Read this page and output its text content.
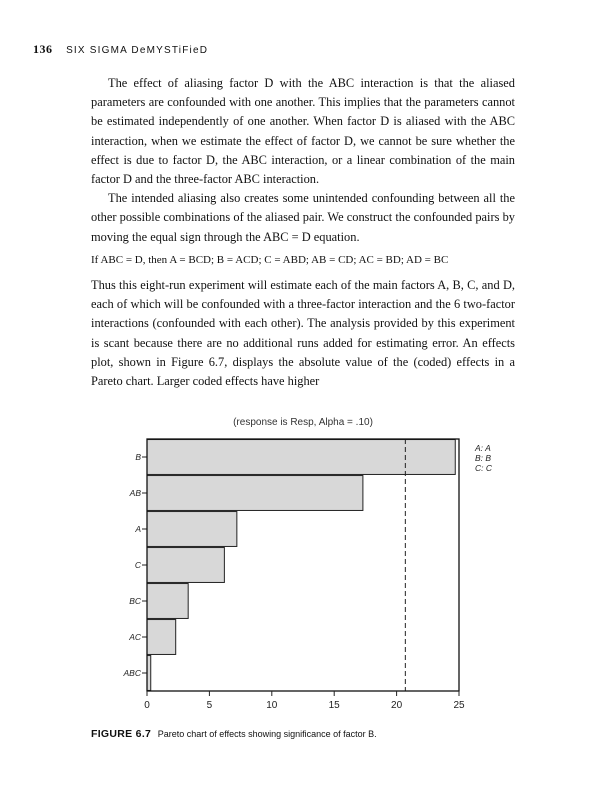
136 SIX SIGMA DeMYSTiFieD

The effect of aliasing factor D with the ABC interaction is that the aliased parameters are confounded with one another. This implies that the parameters cannot be estimated independently of one another. When factor D is aliased with the ABC interaction, when we estimate the effect of factor D, we cannot be sure whether the effect is due to factor D, the ABC interaction, or a linear combination of the main factor D and the three-factor ABC interaction.

The intended aliasing also creates some unintended confounding between all the other possible combinations of the aliased pair. We construct the confounded pairs by moving the equal sign through the ABC = D equation.

If ABC = D, then A = BCD; B = ACD; C = ABD; AB = CD; AC = BD; AD = BC

Thus this eight-run experiment will estimate each of the main factors A, B, C, and D, each of which will be confounded with a three-factor interaction and the 6 two-factor interactions (confounded with each other). The analysis provided by this experiment is scant because there are no additional runs added for estimating error. An effects plot, shown in Figure 6.7, displays the absolute value of the (coded) effects in a Pareto chart. Larger coded effects have higher

(response is Resp, Alpha = .10)
B
AB
A
C
BC
AC
ABC
0	5	10	15	20	25
A: A
B: B
C: C
FIGURE 6.7 Pareto chart of effects showing significance of factor B.
